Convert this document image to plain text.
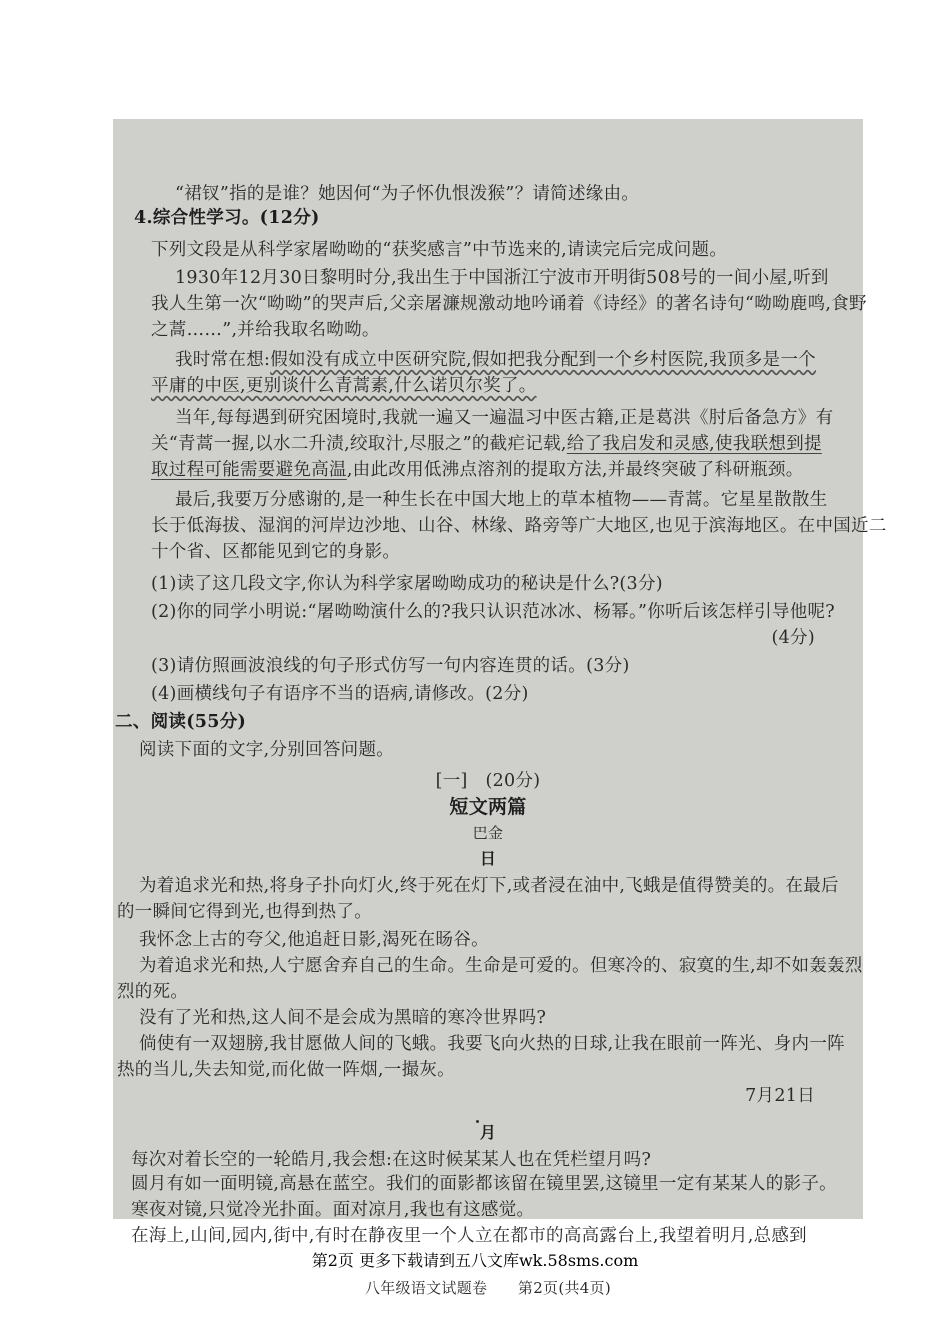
“裙钗”指的是谁？她因何“为子怀仇恨泼猴”？请简述缘由。
4.综合性学习。(12分)
下列文段是从科学家屠呦呦的“获奖感言”中节选来的,请读完后完成问题。
1930年12月30日黎明时分,我出生于中国浙江宁波市开明街508号的一间小屋,听到
我人生第一次“呦呦”的哭声后,父亲屠濂规激动地吟诵着《诗经》的著名诗句“呦呦鹿鸣,食野
之蒿……”,并给我取名呦呦。
我时常在想:假如没有成立中医研究院,假如把我分配到一个乡村医院,我顶多是一个
平庸的中医,更别谈什么青蒿素,什么诺贝尔奖了。
当年,每每遇到研究困境时,我就一遍又一遍温习中医古籍,正是葛洪《肘后备急方》有
关“青蒿一握,以水二升渍,绞取汁,尽服之”的截疟记载,给了我启发和灵感,使我联想到提
取过程可能需要避免高温,由此改用低沸点溶剂的提取方法,并最终突破了科研瓶颈。
最后,我要万分感谢的,是一种生长在中国大地上的草本植物——青蒿。它星星散散生
长于低海拔、湿润的河岸边沙地、山谷、林缘、路旁等广大地区,也见于滨海地区。在中国近二
十个省、区都能见到它的身影。
(1)读了这几段文字,你认为科学家屠呦呦成功的秘诀是什么?(3分)
(2)你的同学小明说:“屠呦呦演什么的?我只认识范冰冰、杨幂。”你听后该怎样引导他呢?
(4分)
(3)请仿照画波浪线的句子形式仿写一句内容连贯的话。(3分)
(4)画横线句子有语序不当的语病,请修改。(2分)
二、阅读(55分)
阅读下面的文字,分别回答问题。
[一]　(20分)
短文两篇
巴金
日
为着追求光和热,将身子扑向灯火,终于死在灯下,或者浸在油中,飞蛾是值得赞美的。在最后
的一瞬间它得到光,也得到热了。
我怀念上古的夸父,他追赶日影,渴死在旸谷。
为着追求光和热,人宁愿舍弃自己的生命。生命是可爱的。但寒冷的、寂寞的生,却不如轰轰烈
烈的死。
没有了光和热,这人间不是会成为黑暗的寒冷世界吗?
倘使有一双翅膀,我甘愿做人间的飞蛾。我要飞向火热的日球,让我在眼前一阵光、身内一阵
热的当儿,失去知觉,而化做一阵烟,一撮灰。
7月21日
月
每次对着长空的一轮皓月,我会想:在这时候某某人也在凭栏望月吗?
圆月有如一面明镜,高悬在蓝空。我们的面影都该留在镜里罢,这镜里一定有某某人的影子。
寒夜对镜,只觉冷光扑面。面对凉月,我也有这感觉。
在海上,山间,园内,街中,有时在静夜里一个人立在都市的高高露台上,我望着明月,总感到
八年级语文试题卷　　第2页(共4页)
第2页 更多下载请到五八文库wk.58sms.com
